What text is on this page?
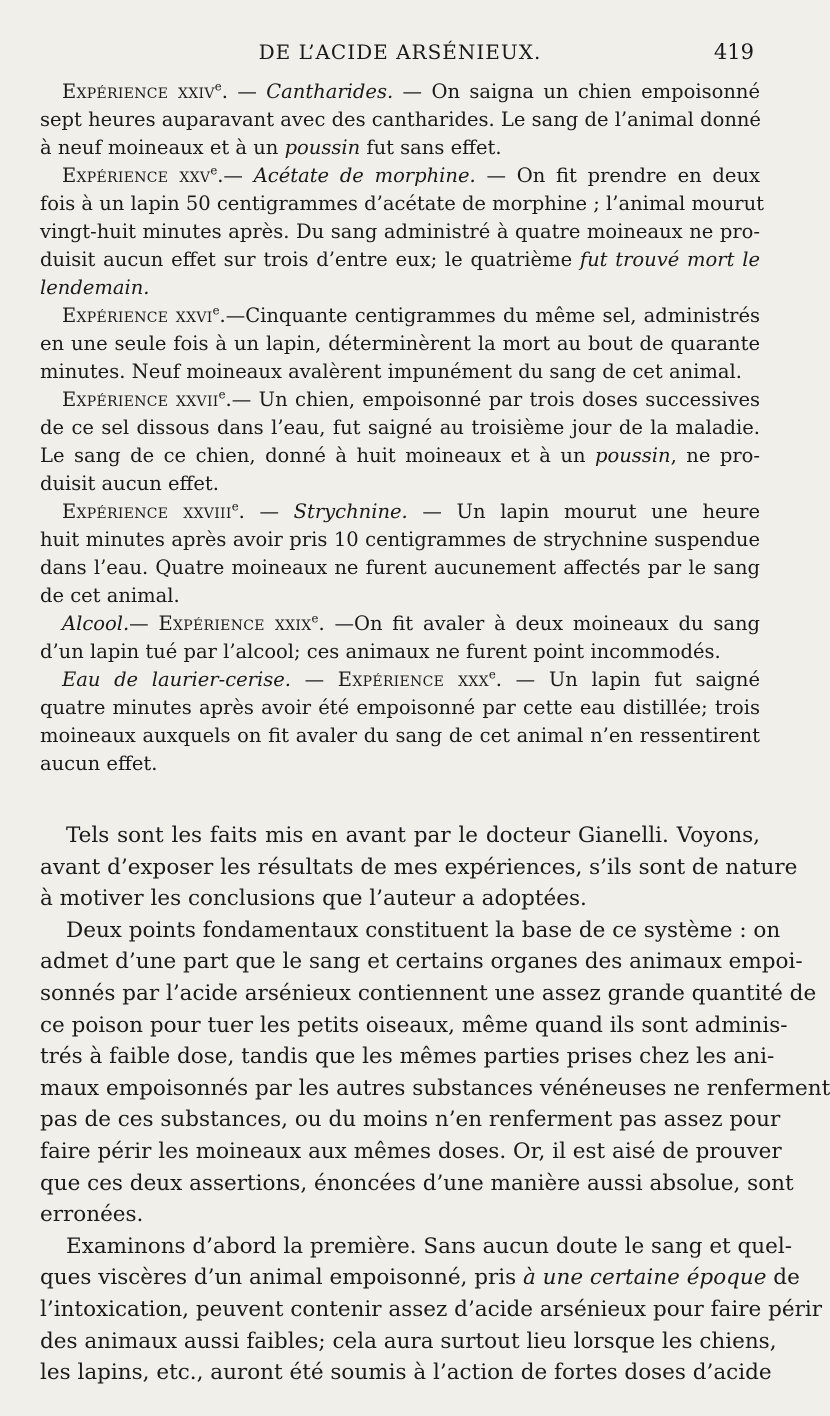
DE L’ACIDE ARSÉNIEUX.	419
Expérience xxiv$^e$. — Cantharides. — On saigna un chien empoisonné
sept heures auparavant avec des cantharides. Le sang de l’animal donné
à neuf moineaux et à un poussin fut sans effet.
Expérience xxv$^e$.— Acétate de morphine. — On fit prendre en deux
fois à un lapin 50 centigrammes d’acétate de morphine ; l’animal mourut
vingt-huit minutes après. Du sang administré à quatre moineaux ne pro-
duisit aucun effet sur trois d’entre eux; le quatrième fut trouvé mort le
lendemain.
Expérience xxvi$^e$.—Cinquante centigrammes du même sel, administrés
en une seule fois à un lapin, déterminèrent la mort au bout de quarante
minutes. Neuf moineaux avalèrent impunément du sang de cet animal.
Expérience xxvii$^e$.— Un chien, empoisonné par trois doses successives
de ce sel dissous dans l’eau, fut saigné au troisième jour de la maladie.
Le sang de ce chien, donné à huit moineaux et à un poussin, ne pro-
duisit aucun effet.
Expérience xxviii$^e$. — Strychnine. — Un lapin mourut une heure
huit minutes après avoir pris 10 centigrammes de strychnine suspendue
dans l’eau. Quatre moineaux ne furent aucunement affectés par le sang
de cet animal.
Alcool.— Expérience xxix$^e$. —On fit avaler à deux moineaux du sang
d’un lapin tué par l’alcool; ces animaux ne furent point incommodés.
Eau de laurier-cerise. — Expérience xxx$^e$. — Un lapin fut saigné
quatre minutes après avoir été empoisonné par cette eau distillée; trois
moineaux auxquels on fit avaler du sang de cet animal n’en ressentirent
aucun effet.
Tels sont les faits mis en avant par le docteur Gianelli. Voyons,
avant d’exposer les résultats de mes expériences, s’ils sont de nature
à motiver les conclusions que l’auteur a adoptées.
Deux points fondamentaux constituent la base de ce système : on
admet d’une part que le sang et certains organes des animaux empoi-
sonnés par l’acide arsénieux contiennent une assez grande quantité de
ce poison pour tuer les petits oiseaux, même quand ils sont adminis-
trés à faible dose, tandis que les mêmes parties prises chez les ani-
maux empoisonnés par les autres substances vénéneuses ne renferment
pas de ces substances, ou du moins n’en renferment pas assez pour
faire périr les moineaux aux mêmes doses. Or, il est aisé de prouver
que ces deux assertions, énoncées d’une manière aussi absolue, sont
erronées.
Examinons d’abord la première. Sans aucun doute le sang et quel-
ques viscères d’un animal empoisonné, pris à une certaine époque de
l’intoxication, peuvent contenir assez d’acide arsénieux pour faire périr
des animaux aussi faibles; cela aura surtout lieu lorsque les chiens,
les lapins, etc., auront été soumis à l’action de fortes doses d’acide
